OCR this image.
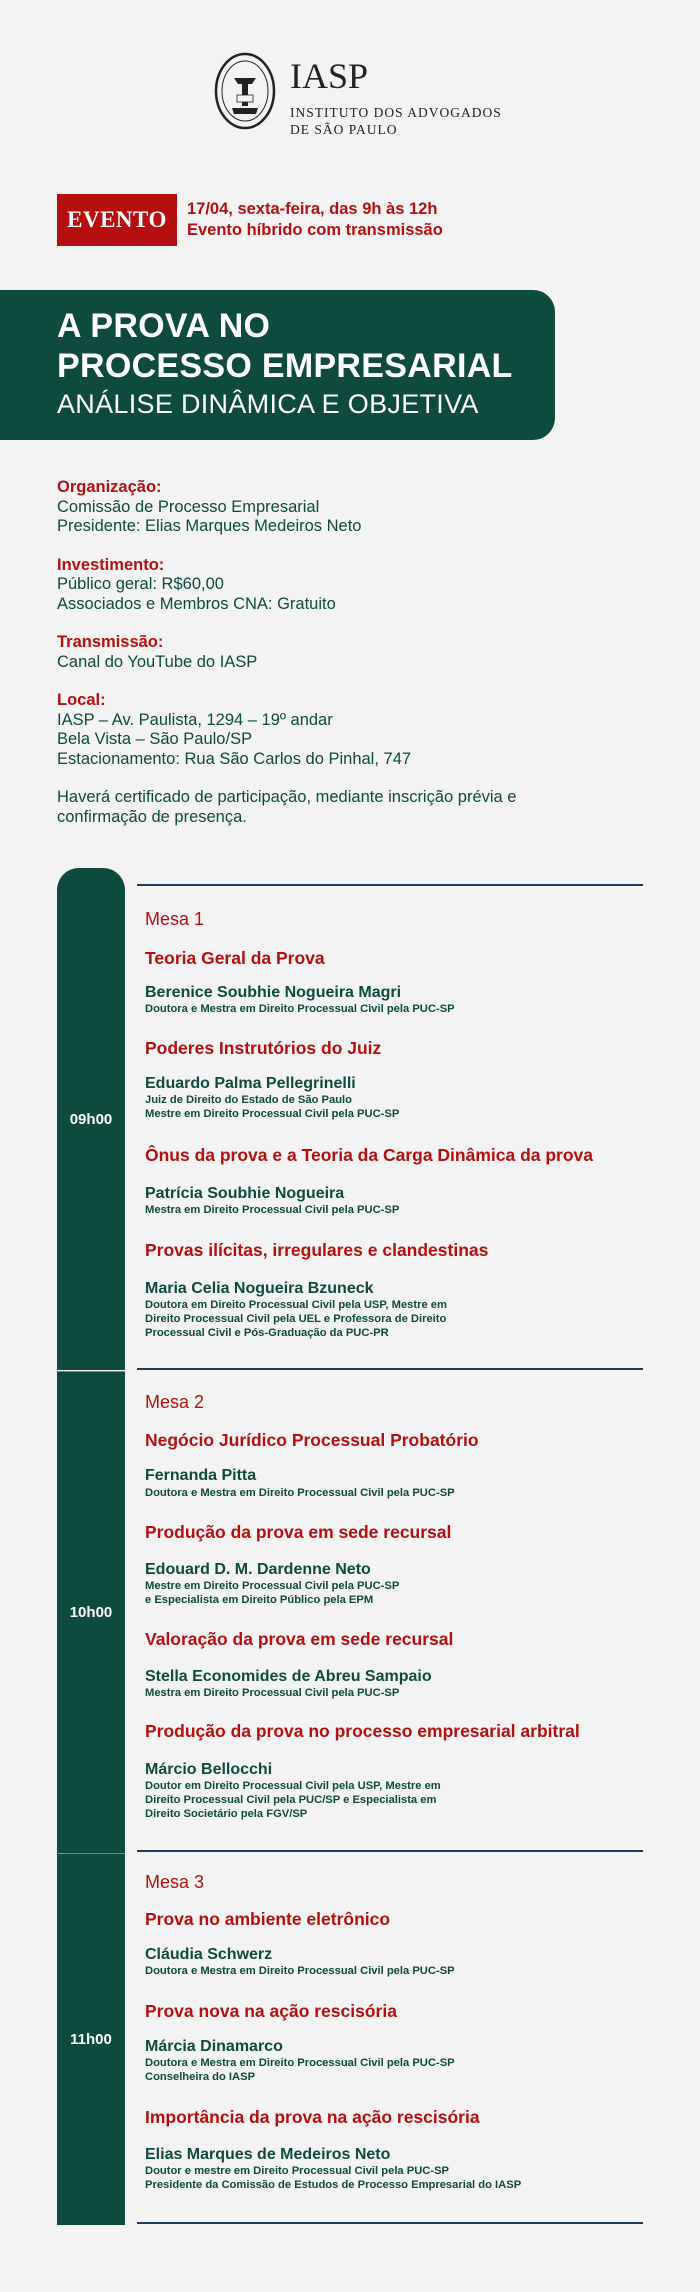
IASP
INSTITUTO DOS ADVOGADOS
DE SÃO PAULO
EVENTO	17/04, sexta-feira, das 9h às 12h
Evento híbrido com transmissão
A PROVA NO
PROCESSO EMPRESARIAL
ANÁLISE DINÂMICA E OBJETIVA
Organização:
Comissão de Processo Empresarial
Presidente: Elias Marques Medeiros Neto
Investimento:
Público geral: R$60,00
Associados e Membros CNA: Gratuito
Transmissão:
Canal do YouTube do IASP
Local:
IASP – Av. Paulista, 1294 – 19º andar
Bela Vista – São Paulo/SP
Estacionamento: Rua São Carlos do Pinhal, 747
Haverá certificado de participação, mediante inscrição prévia e
confirmação de presença.
09h00
Mesa 1
Teoria Geral da Prova
Berenice Soubhie Nogueira Magri
Doutora e Mestra em Direito Processual Civil pela PUC-SP
Poderes Instrutórios do Juiz
Eduardo Palma Pellegrinelli
Juiz de Direito do Estado de São Paulo
Mestre em Direito Processual Civil pela PUC-SP
Ônus da prova e a Teoria da Carga Dinâmica da prova
Patrícia Soubhie Nogueira
Mestra em Direito Processual Civil pela PUC-SP
Provas ilícitas, irregulares e clandestinas
Maria Celia Nogueira Bzuneck
Doutora em Direito Processual Civil pela USP, Mestre em
Direito Processual Civil pela UEL e Professora de Direito
Processual Civil e Pós-Graduação da PUC-PR
10h00
Mesa 2
Negócio Jurídico Processual Probatório
Fernanda Pitta
Doutora e Mestra em Direito Processual Civil pela PUC-SP
Produção da prova em sede recursal
Edouard D. M. Dardenne Neto
Mestre em Direito Processual Civil pela PUC-SP
e Especialista em Direito Público pela EPM
Valoração da prova em sede recursal
Stella Economides de Abreu Sampaio
Mestra em Direito Processual Civil pela PUC-SP
Produção da prova no processo empresarial arbitral
Márcio Bellocchi
Doutor em Direito Processual Civil pela USP, Mestre em
Direito Processual Civil pela PUC/SP e Especialista em
Direito Societário pela FGV/SP
11h00
Mesa 3
Prova no ambiente eletrônico
Cláudia Schwerz
Doutora e Mestra em Direito Processual Civil pela PUC-SP
Prova nova na ação rescisória
Márcia Dinamarco
Doutora e Mestra em Direito Processual Civil pela PUC-SP
Conselheira do IASP
Importância da prova na ação rescisória
Elias Marques de Medeiros Neto
Doutor e mestre em Direito Processual Civil pela PUC-SP
Presidente da Comissão de Estudos de Processo Empresarial do IASP
